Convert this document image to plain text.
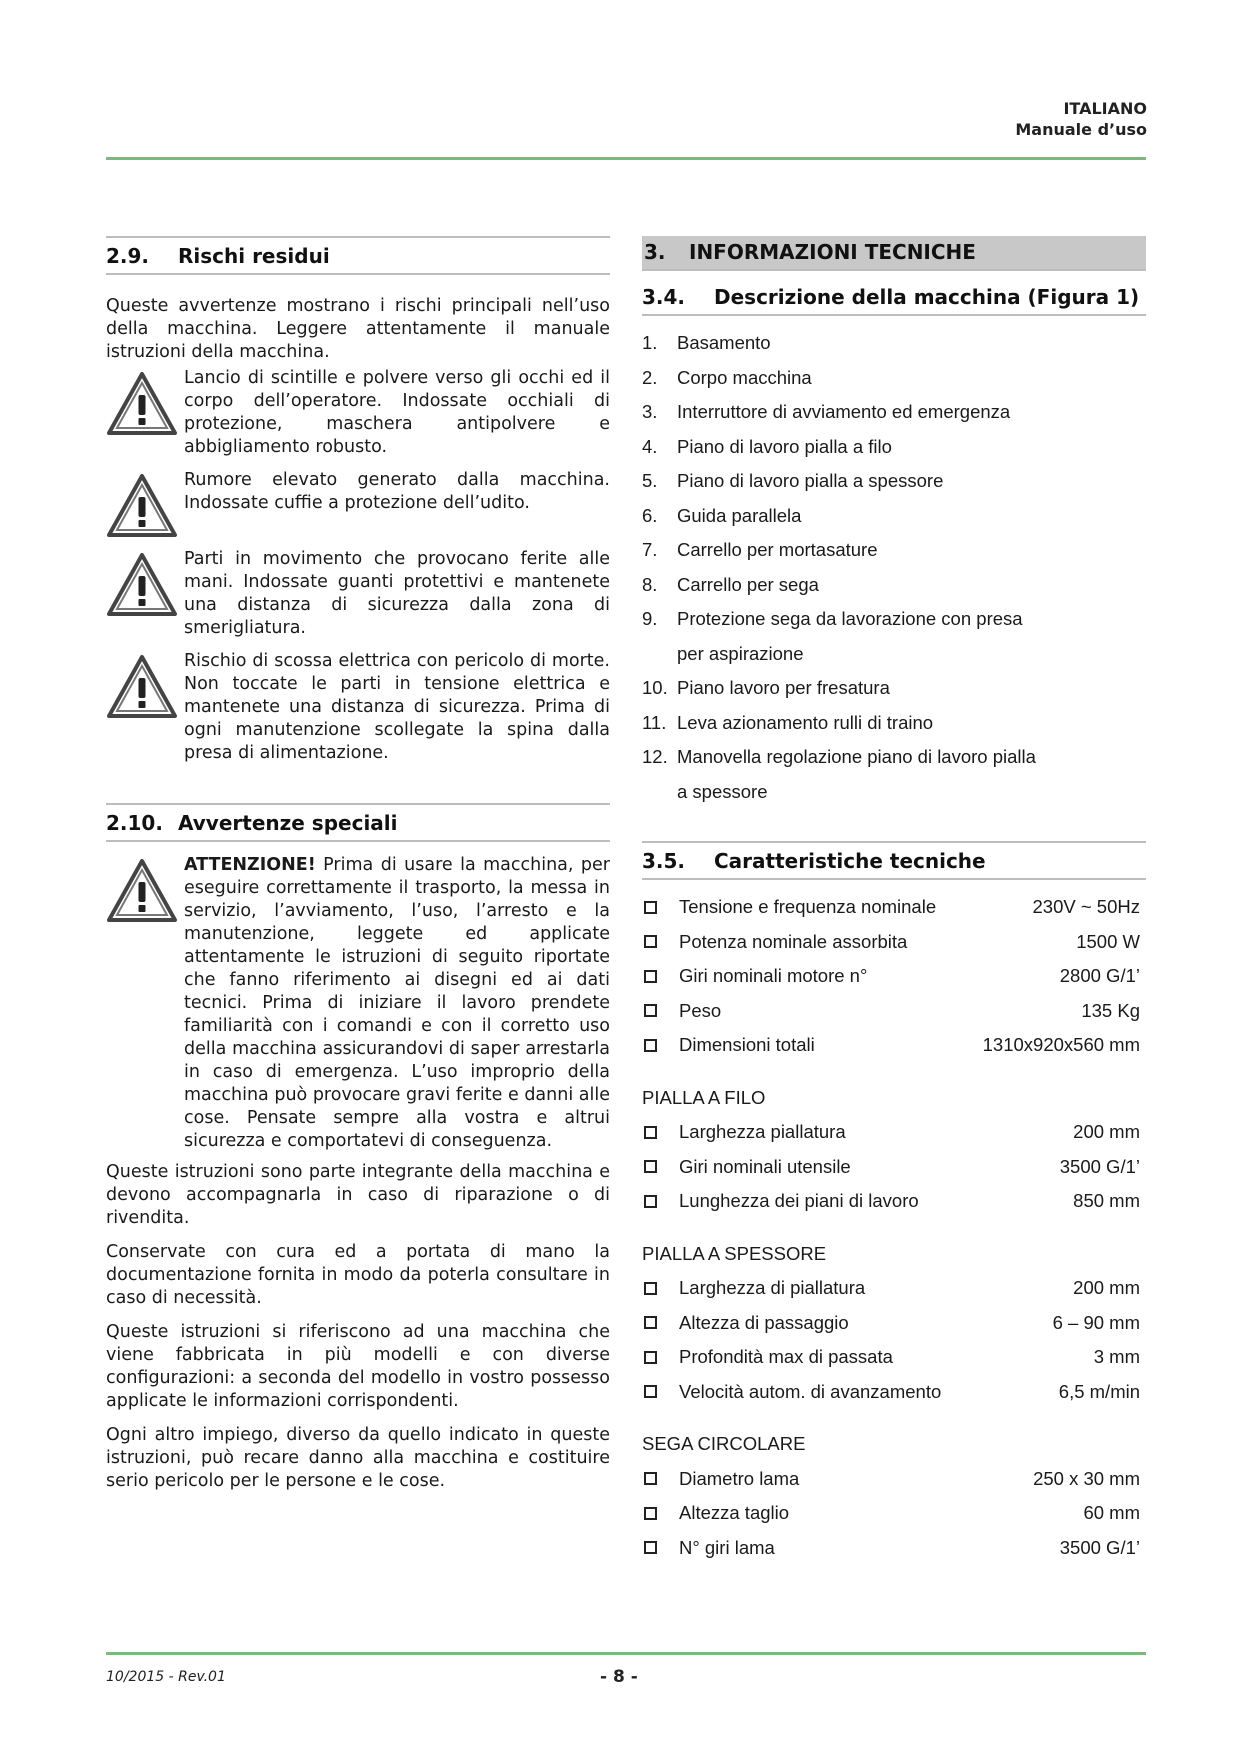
ITALIANO
Manuale d’uso
2.9. Rischi residui

Queste avvertenze mostrano i rischi principali nell’uso della macchina. Leggere attentamente il manuale istruzioni della macchina.

Lancio di scintille e polvere verso gli occhi ed il corpo dell’operatore. Indossate occhiali di protezione, maschera antipolvere e abbigliamento robusto.
Rumore elevato generato dalla macchina. Indossate cuffie a protezione dell’udito.
Parti in movimento che provocano ferite alle mani. Indossate guanti protettivi e mantenete una distanza di sicurezza dalla zona di smerigliatura.
Rischio di scossa elettrica con pericolo di morte. Non toccate le parti in tensione elettrica e mantenete una distanza di sicurezza. Prima di ogni manutenzione scollegate la spina dalla presa di alimentazione.
2.10. Avvertenze speciali
ATTENZIONE! Prima di usare la macchina, per eseguire correttamente il trasporto, la messa in servizio, l’avviamento, l’uso, l’arresto e la manutenzione, leggete ed applicate attentamente le istruzioni di seguito riportate che fanno riferimento ai disegni ed ai dati tecnici. Prima di iniziare il lavoro prendete familiarità con i comandi e con il corretto uso della macchina assicurandovi di saper arrestarla in caso di emergenza. L’uso improprio della macchina può provocare gravi ferite e danni alle cose. Pensate sempre alla vostra e altrui sicurezza e comportatevi di conseguenza.

Queste istruzioni sono parte integrante della macchina e devono accompagnarla in caso di riparazione o di rivendita.

Conservate con cura ed a portata di mano la documentazione fornita in modo da poterla consultare in caso di necessità.

Queste istruzioni si riferiscono ad una macchina che viene fabbricata in più modelli e con diverse configurazioni: a seconda del modello in vostro possesso applicate le informazioni corrispondenti.

Ogni altro impiego, diverso da quello indicato in queste istruzioni, può recare danno alla macchina e costituire serio pericolo per le persone e le cose.

3. INFORMAZIONI TECNICHE
3.4. Descrizione della macchina (Figura 1)
1.	Basamento
2.	Corpo macchina
3.	Interruttore di avviamento ed emergenza
4.	Piano di lavoro pialla a filo
5.	Piano di lavoro pialla a spessore
6.	Guida parallela
7.	Carrello per mortasature
8.	Carrello per sega
9.	Protezione sega da lavorazione con presa
per aspirazione
10. Piano lavoro per fresatura
11. Leva azionamento rulli di traino
12. Manovella regolazione piano di lavoro pialla
a spessore
3.5. Caratteristiche tecniche
Tensione e frequenza nominale	230V ~ 50Hz
Potenza nominale assorbita	1500 W
Giri nominali motore n°	2800 G/1’
Peso	135 Kg
Dimensioni totali	1310x920x560 mm
PIALLA A FILO
Larghezza piallatura	200 mm
Giri nominali utensile	3500 G/1’
Lunghezza dei piani di lavoro	850 mm
PIALLA A SPESSORE
Larghezza di piallatura	200 mm
Altezza di passaggio	6 – 90 mm
Profondità max di passata	3 mm
Velocità autom. di avanzamento	6,5 m/min
SEGA CIRCOLARE
Diametro lama	250 x 30 mm
Altezza taglio	60 mm
N° giri lama	3500 G/1’
10/2015 - Rev.01	- 8 -
